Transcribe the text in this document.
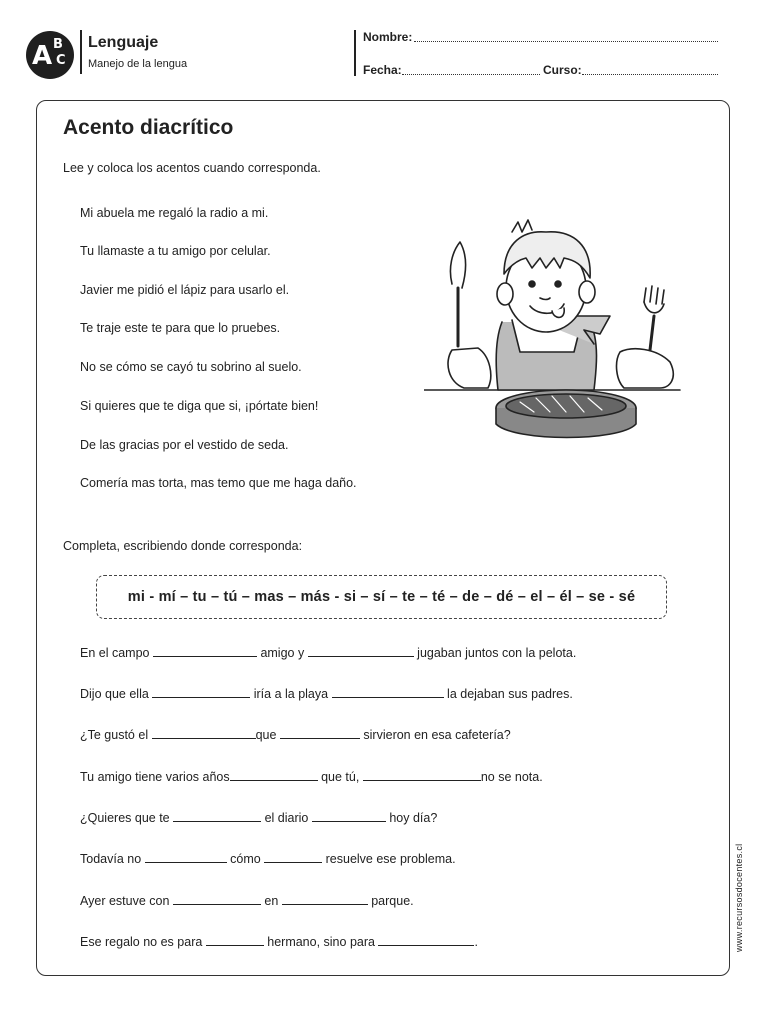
A B
C
Lenguaje
Manejo de la lengua
Nombre:
Fecha:	Curso:
Acento diacrítico
Lee y coloca los acentos cuando corresponda.
Mi abuela me regaló la radio a mi.
Tu llamaste a tu amigo por celular.
Javier me pidió el lápiz para usarlo el.
Te traje este te para que lo pruebes.
No se cómo se cayó tu sobrino al suelo.
Si quieres que te diga que si, ¡pórtate bien!
De las gracias por el vestido de seda.
Comería mas torta, mas temo que me haga daño.
Completa, escribiendo donde corresponda:
mi - mí – tu – tú – mas – más - si – sí – te – té – de – dé – el – él – se - sé
En el campo	amigo y	jugaban juntos con la pelota.
Dijo que ella	iría a la playa	la dejaban sus padres.
¿Te gustó el	que	sirvieron en esa cafetería?
Tu amigo tiene varios años	que tú,	no se nota.
¿Quieres que te	el diario	hoy día?
Todavía no	cómo	resuelve ese problema.
Ayer estuve con	en	parque.
Ese regalo no es para	hermano, sino para	.	www.recursosdocentes.cl
